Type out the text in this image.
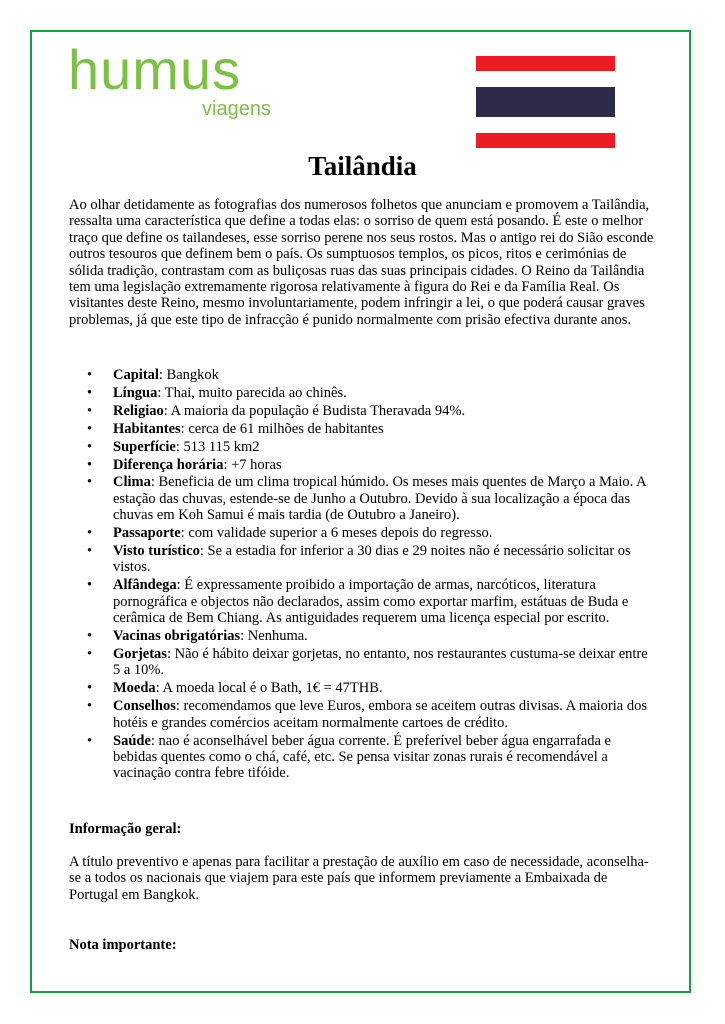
humus
viagens
Tailândia

Ao olhar detidamente as fotografias dos numerosos folhetos que anunciam e promovem a Tailândia, ressalta uma característica que define a todas elas: o sorriso de quem está posando. É este o melhor traço que define os tailandeses, esse sorriso perene nos seus rostos. Mas o antigo rei do Sião esconde outros tesouros que definem bem o país. Os sumptuosos templos, os picos, ritos e cerimónias de sólida tradição, contrastam com as buliçosas ruas das suas principais cidades. O Reino da Tailândia tem uma legislação extremamente rigorosa relativamente à figura do Rei e da Família Real. Os visitantes deste Reino, mesmo involuntariamente, podem infringir a lei, o que poderá causar graves problemas, já que este tipo de infracção é punido normalmente com prisão efectiva durante anos.

• Capital: Bangkok
• Língua: Thai, muito parecida ao chinês.
• Religiao: A maioria da população é Budista Theravada 94%.
• Habitantes: cerca de 61 milhões de habitantes
• Superfície: 513 115 km2
• Diferença horária: +7 horas
• Clima: Beneficia de um clima tropical húmido. Os meses mais quentes de Março a Maio. A estação das chuvas, estende-se de Junho a Outubro. Devido à sua localização a época das chuvas em Koh Samui é mais tardia (de Outubro a Janeiro).
• Passaporte: com validade superior a 6 meses depois do regresso.
• Visto turístico: Se a estadia for inferior a 30 dias e 29 noites não é necessário solicitar os vistos.
• Alfândega: É expressamente proibido a importação de armas, narcóticos, literatura pornográfica e objectos não declarados, assim como exportar marfim, estátuas de Buda e cerâmica de Bem Chiang. As antiguidades requerem uma licença especial por escrito.
• Vacinas obrigatórias: Nenhuma.
• Gorjetas: Não é hábito deixar gorjetas, no entanto, nos restaurantes custuma-se deixar entre 5 a 10%.
• Moeda: A moeda local é o Bath, 1€ = 47THB.
• Conselhos: recomendamos que leve Euros, embora se aceitem outras divisas. A maioria dos hotéis e grandes comércios aceitam normalmente cartoes de crédito.
• Saúde: nao é aconselhável beber água corrente. É preferível beber água engarrafada e bebidas quentes como o chá, café, etc. Se pensa visitar zonas rurais é recomendável a vacinação contra febre tifóide.
Informação geral:

A título preventivo e apenas para facilitar a prestação de auxílio em caso de necessidade, aconselha-se a todos os nacionais que viajem para este país que informem previamente a Embaixada de Portugal em Bangkok.

Nota importante:
